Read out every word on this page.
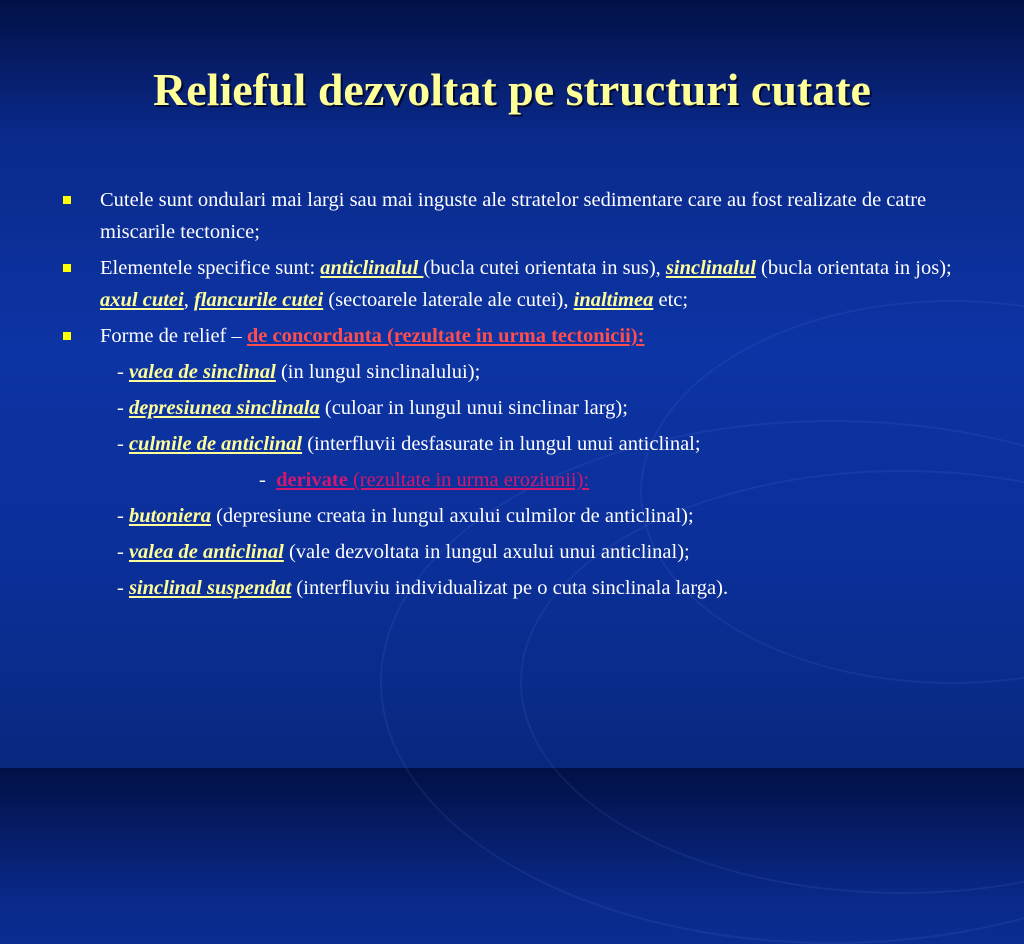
Relieful dezvoltat pe structuri cutate
Cutele sunt ondulari mai largi sau mai inguste ale stratelor sedimentare care au fost realizate de catre miscarile tectonice;
Elementele specifice sunt: anticlinalul (bucla cutei orientata in sus), sinclinalul (bucla orientata in jos); axul cutei, flancurile cutei (sectoarele laterale ale cutei), inaltimea etc;
Forme de relief – de concordanta (rezultate in urma tectonicii):
- valea de sinclinal (in lungul sinclinalului);
- depresiunea sinclinala (culoar in lungul unui sinclinar larg);
- culmile de anticlinal (interfluvii desfasurate in lungul unui anticlinal;
-  derivate (rezultate in urma eroziunii):
- butoniera (depresiune creata in lungul axului culmilor de anticlinal);
- valea de anticlinal (vale dezvoltata in lungul axului unui anticlinal);
- sinclinal suspendat (interfluviu individualizat pe o cuta sinclinala larga).
